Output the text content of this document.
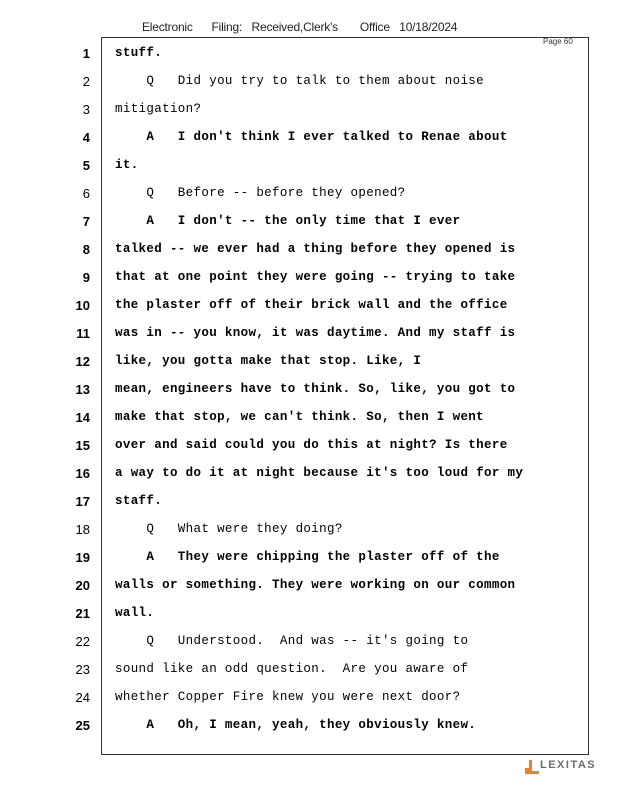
Electronic      Filing:   Received,Clerk's       Office   10/18/2024
Page 60
1 stuff.
2 Q   Did you try to talk to them about noise
3 mitigation?
4 A   I don't think I ever talked to Renae about
5 it.
6 Q   Before -- before they opened?
7 A   I don't -- the only time that I ever
8 talked -- we ever had a thing before they opened is
9 that at one point they were going -- trying to take
10 the plaster off of their brick wall and the office
11 was in -- you know, it was daytime. And my staff is
12 like, you gotta make that stop. Like, I
13 mean, engineers have to think. So, like, you got to
14 make that stop, we can't think. So, then I went
15 over and said could you do this at night? Is there
16 a way to do it at night because it's too loud for my
17 staff.
18 Q   What were they doing?
19 A   They were chipping the plaster off of the
20 walls or something. They were working on our common
21 wall.
22 Q   Understood.  And was -- it's going to
23 sound like an odd question.  Are you aware of
24 whether Copper Fire knew you were next door?
25 A   Oh, I mean, yeah, they obviously knew.
LEXITAS
